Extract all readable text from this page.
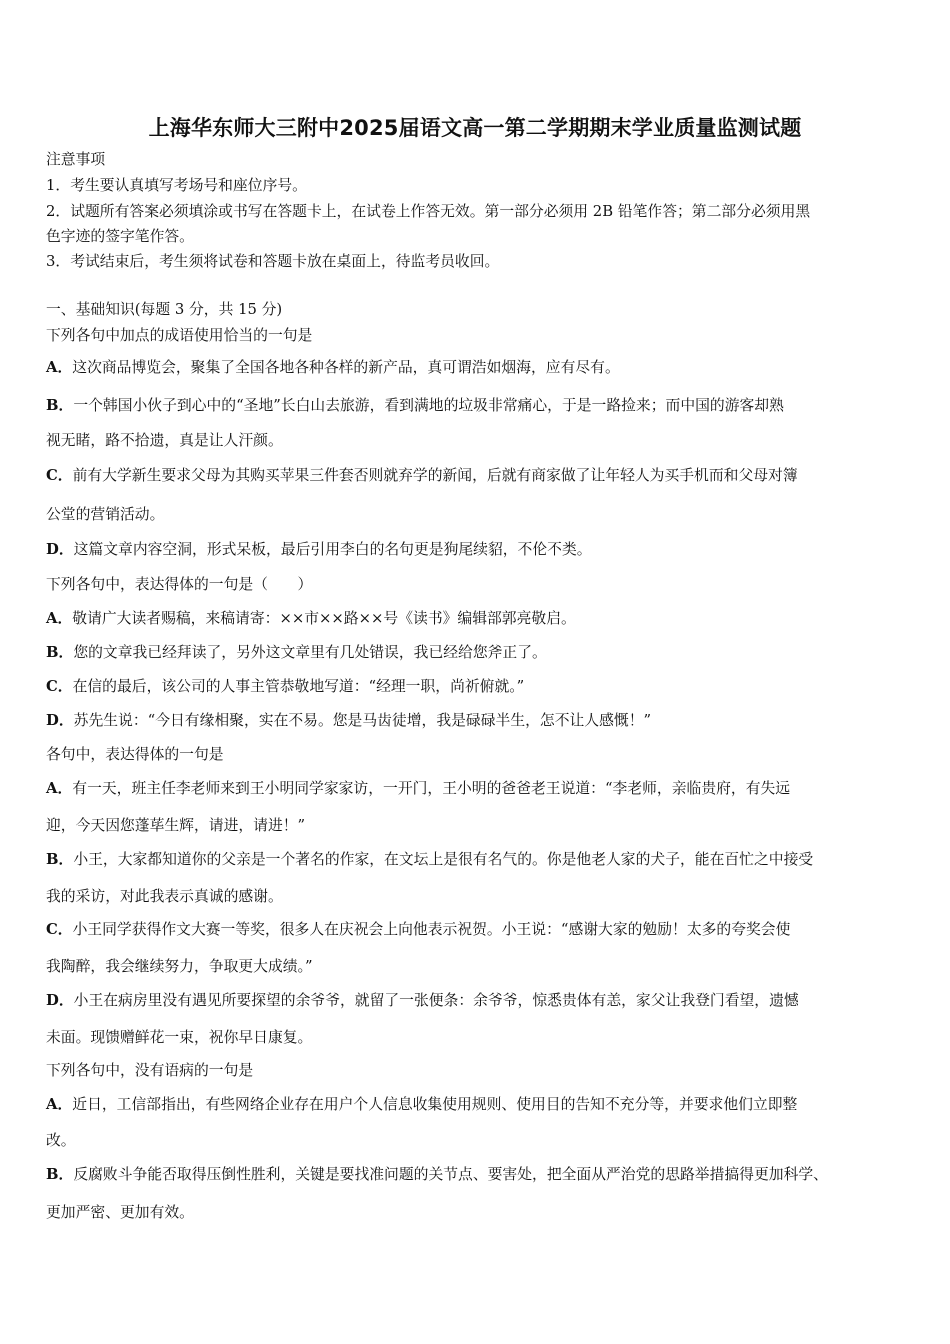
上海华东师大三附中2025届语文高一第二学期期末学业质量监测试题
注意事项
1．考生要认真填写考场号和座位序号。
2．试题所有答案必须填涂或书写在答题卡上，在试卷上作答无效。第一部分必须用 2B 铅笔作答；第二部分必须用黑
色字迹的签字笔作答。
3．考试结束后，考生须将试卷和答题卡放在桌面上，待监考员收回。
一、基础知识(每题 3 分，共 15 分)
下列各句中加点的成语使用恰当的一句是
A．这次商品博览会，聚集了全国各地各种各样的新产品，真可谓浩如烟海，应有尽有。
B．一个韩国小伙子到心中的“圣地”长白山去旅游，看到满地的垃圾非常痛心，于是一路捡来；而中国的游客却熟
视无睹，路不拾遗，真是让人汗颜。
C．前有大学新生要求父母为其购买苹果三件套否则就弃学的新闻，后就有商家做了让年轻人为买手机而和父母对簿
公堂的营销活动。
D．这篇文章内容空洞，形式呆板，最后引用李白的名句更是狗尾续貂，不伦不类。
下列各句中，表达得体的一句是（　　）
A．敬请广大读者赐稿，来稿请寄：××市××路××号《读书》编辑部郭亮敬启。
B．您的文章我已经拜读了，另外这文章里有几处错误，我已经给您斧正了。
C．在信的最后，该公司的人事主管恭敬地写道：“经理一职，尚祈俯就。”
D．苏先生说：“今日有缘相聚，实在不易。您是马齿徒增，我是碌碌半生，怎不让人感慨！”
各句中，表达得体的一句是
A．有一天，班主任李老师来到王小明同学家家访，一开门，王小明的爸爸老王说道：“李老师，亲临贵府，有失远
迎，今天因您蓬荜生辉，请进，请进！”
B．小王，大家都知道你的父亲是一个著名的作家，在文坛上是很有名气的。你是他老人家的犬子，能在百忙之中接受
我的采访，对此我表示真诚的感谢。
C．小王同学获得作文大赛一等奖，很多人在庆祝会上向他表示祝贺。小王说：“感谢大家的勉励！太多的夸奖会使
我陶醉，我会继续努力，争取更大成绩。”
D．小王在病房里没有遇见所要探望的余爷爷，就留了一张便条：余爷爷，惊悉贵体有恙，家父让我登门看望，遗憾
未面。现馈赠鲜花一束，祝你早日康复。
下列各句中，没有语病的一句是
A．近日，工信部指出，有些网络企业存在用户个人信息收集使用规则、使用目的告知不充分等，并要求他们立即整
改。
B．反腐败斗争能否取得压倒性胜利，关键是要找准问题的关节点、要害处，把全面从严治党的思路举措搞得更加科学、
更加严密、更加有效。
